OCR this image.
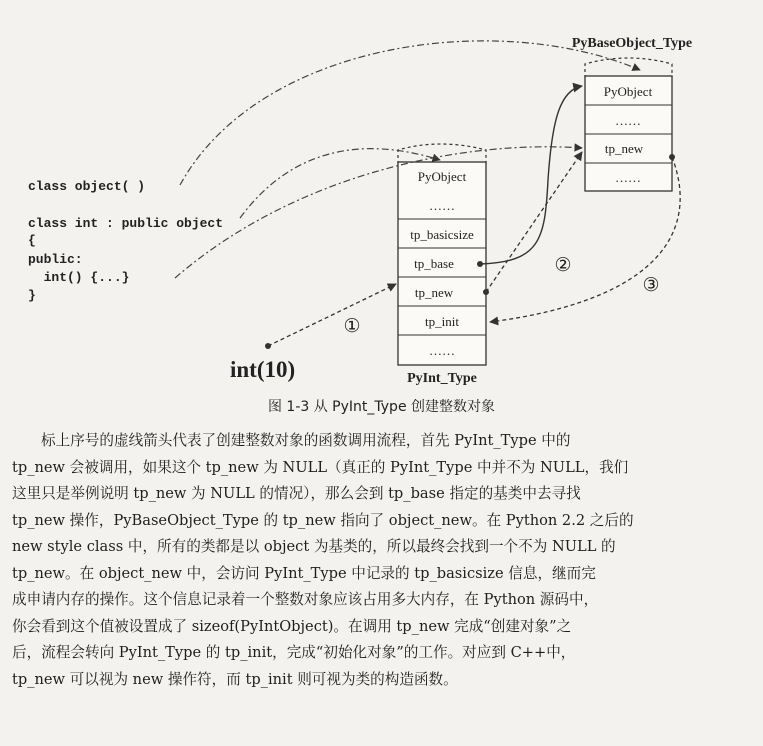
class object( )
class int : public object
{
public:
int() {...}
}
PyObject
……
tp_basicsize
tp_base
tp_new
tp_init
……
PyInt_Type
PyBaseObject_Type
PyObject
……
tp_new
……
①
②
③
int(10)
图 1-3 从 PyInt_Type 创建整数对象
标上序号的虚线箭头代表了创建整数对象的函数调用流程，首先 PyInt_Type 中的
tp_new 会被调用，如果这个 tp_new 为 NULL（真正的 PyInt_Type 中并不为 NULL，我们
这里只是举例说明 tp_new 为 NULL 的情况），那么会到 tp_base 指定的基类中去寻找
tp_new 操作，PyBaseObject_Type 的 tp_new 指向了 object_new。在 Python 2.2 之后的
new style class 中，所有的类都是以 object 为基类的，所以最终会找到一个不为 NULL 的
tp_new。在 object_new 中，会访问 PyInt_Type 中记录的 tp_basicsize 信息，继而完
成申请内存的操作。这个信息记录着一个整数对象应该占用多大内存，在 Python 源码中，
你会看到这个值被设置成了 sizeof(PyIntObject)。在调用 tp_new 完成“创建对象”之
后，流程会转向 PyInt_Type 的 tp_init，完成“初始化对象”的工作。对应到 C++中，
tp_new 可以视为 new 操作符，而 tp_init 则可视为类的构造函数。
